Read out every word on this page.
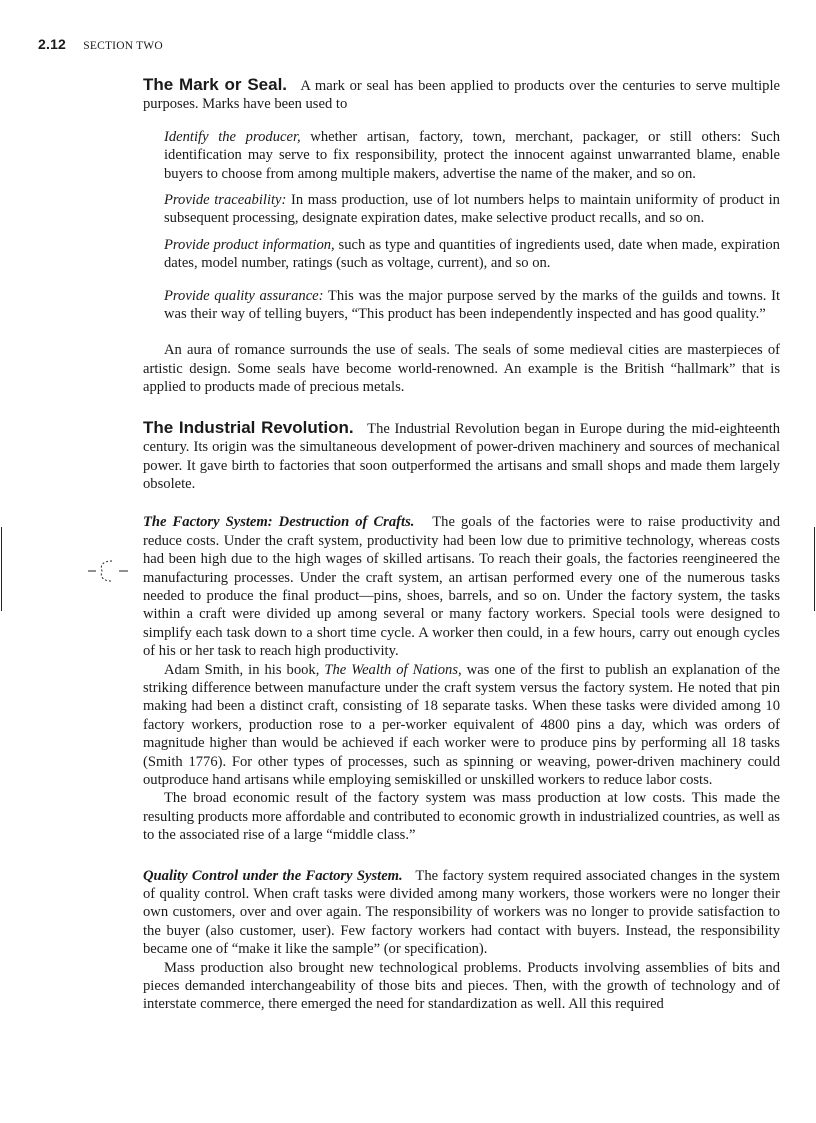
2.12 SECTION TWO

The Mark or Seal. A mark or seal has been applied to products over the centuries to serve multiple purposes. Marks have been used to

Identify the producer, whether artisan, factory, town, merchant, packager, or still others: Such identification may serve to fix responsibility, protect the innocent against unwarranted blame, enable buyers to choose from among multiple makers, advertise the name of the maker, and so on.

Provide traceability: In mass production, use of lot numbers helps to maintain uniformity of product in subsequent processing, designate expiration dates, make selective product recalls, and so on.

Provide product information, such as type and quantities of ingredients used, date when made, expiration dates, model number, ratings (such as voltage, current), and so on.

Provide quality assurance: This was the major purpose served by the marks of the guilds and towns. It was their way of telling buyers, “This product has been independently inspected and has good quality.”

An aura of romance surrounds the use of seals. The seals of some medieval cities are masterpieces of artistic design. Some seals have become world-renowned. An example is the British “hallmark” that is applied to products made of precious metals.

The Industrial Revolution. The Industrial Revolution began in Europe during the mid-eighteenth century. Its origin was the simultaneous development of power-driven machinery and sources of mechanical power. It gave birth to factories that soon outperformed the artisans and small shops and made them largely obsolete.

The Factory System: Destruction of Crafts. The goals of the factories were to raise productivity and reduce costs. Under the craft system, productivity had been low due to primitive technology, whereas costs had been high due to the high wages of skilled artisans. To reach their goals, the factories reengineered the manufacturing processes. Under the craft system, an artisan performed every one of the numerous tasks needed to produce the final product—pins, shoes, barrels, and so on. Under the factory system, the tasks within a craft were divided up among several or many factory workers. Special tools were designed to simplify each task down to a short time cycle. A worker then could, in a few hours, carry out enough cycles of his or her task to reach high productivity.

Adam Smith, in his book, The Wealth of Nations, was one of the first to publish an explanation of the striking difference between manufacture under the craft system versus the factory system. He noted that pin making had been a distinct craft, consisting of 18 separate tasks. When these tasks were divided among 10 factory workers, production rose to a per-worker equivalent of 4800 pins a day, which was orders of magnitude higher than would be achieved if each worker were to produce pins by performing all 18 tasks (Smith 1776). For other types of processes, such as spinning or weaving, power-driven machinery could outproduce hand artisans while employing semiskilled or unskilled workers to reduce labor costs.

The broad economic result of the factory system was mass production at low costs. This made the resulting products more affordable and contributed to economic growth in industrialized countries, as well as to the associated rise of a large “middle class.”

Quality Control under the Factory System. The factory system required associated changes in the system of quality control. When craft tasks were divided among many workers, those workers were no longer their own customers, over and over again. The responsibility of workers was no longer to provide satisfaction to the buyer (also customer, user). Few factory workers had contact with buyers. Instead, the responsibility became one of “make it like the sample” (or specification).

Mass production also brought new technological problems. Products involving assemblies of bits and pieces demanded interchangeability of those bits and pieces. Then, with the growth of technology and of interstate commerce, there emerged the need for standardization as well. All this required
